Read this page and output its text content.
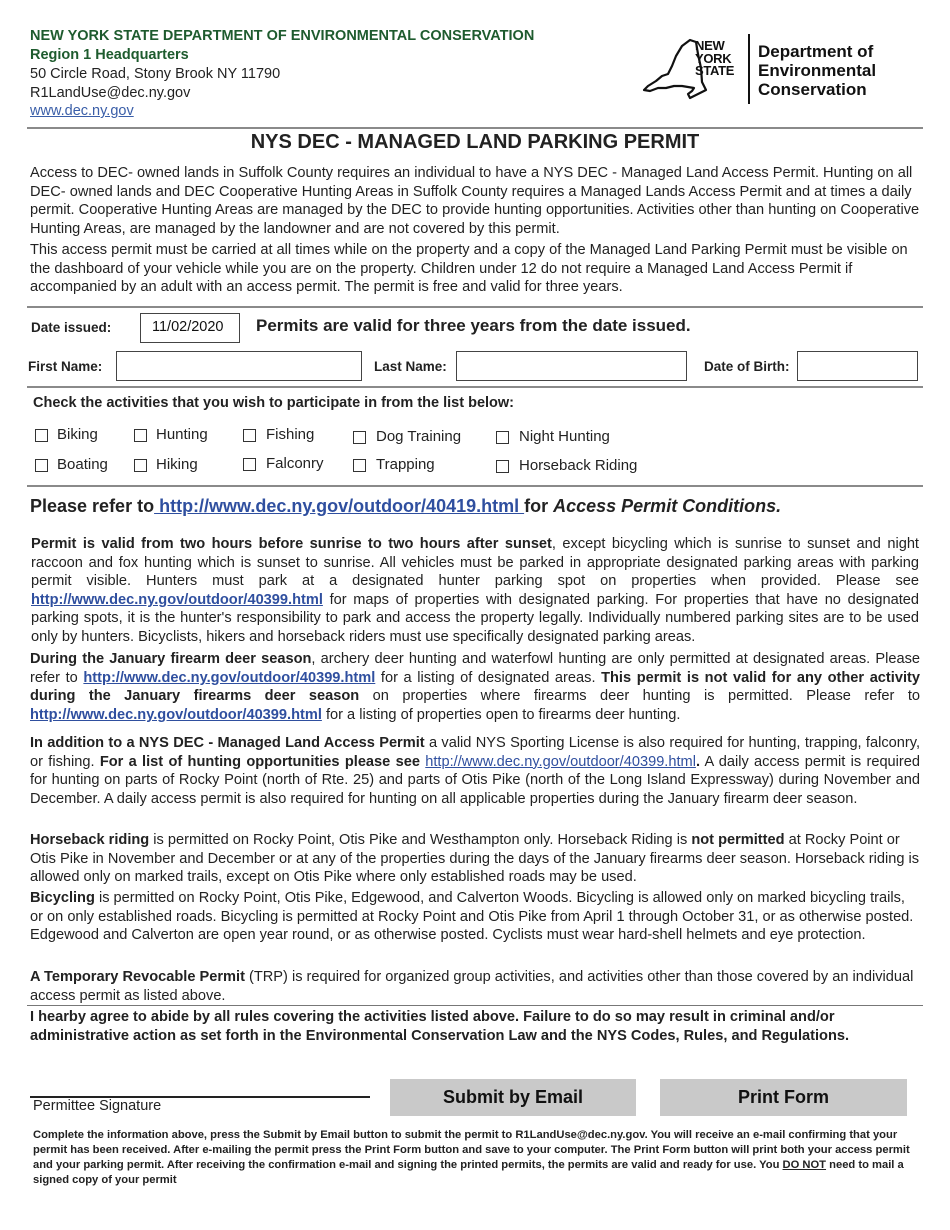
NEW YORK STATE DEPARTMENT OF ENVIRONMENTAL CONSERVATION
Region 1 Headquarters
50 Circle Road, Stony Brook NY 11790
R1LandUse@dec.ny.gov
www.dec.ny.gov
NEW
YORK
STATE
Department of
Environmental
Conservation
NYS DEC - MANAGED LAND PARKING PERMIT
Access to DEC- owned lands in Suffolk County requires an individual to have a NYS DEC - Managed Land Access Permit. Hunting on all DEC- owned lands and DEC Cooperative Hunting Areas in Suffolk County requires a Managed Lands Access Permit and at times a daily permit. Cooperative Hunting Areas are managed by the DEC to provide hunting opportunities. Activities other than hunting on Cooperative Hunting Areas, are managed by the landowner and are not covered by this permit.
This access permit must be carried at all times while on the property and a copy of the Managed Land Parking Permit must be visible on the dashboard of your vehicle while you are on the property. Children under 12 do not require a Managed Land Access Permit if accompanied by an adult with an access permit. The permit is free and valid for three years.
Date issued:	11/02/2020	Permits are valid for three years from the date issued.
First Name:	Last Name:	Date of Birth:
Check the activities that you wish to participate in from the list below:
Biking	Hunting	Fishing	Dog Training	Night Hunting
Boating	Hiking	Falconry	Trapping	Horseback Riding
Please refer to http://www.dec.ny.gov/outdoor/40419.html for Access Permit Conditions.
Permit is valid from two hours before sunrise to two hours after sunset, except bicycling which is sunrise to sunset and night raccoon and fox hunting which is sunset to sunrise. All vehicles must be parked in appropriate designated parking areas with parking permit visible. Hunters must park at a designated hunter parking spot on properties when provided. Please see http://www.dec.ny.gov/outdoor/40399.html for maps of properties with designated parking. For properties that have no designated parking spots, it is the hunter's responsibility to park and access the property legally. Individually numbered parking sites are to be used only by hunters. Bicyclists, hikers and horseback riders must use specifically designated parking areas.
During the January firearm deer season, archery deer hunting and waterfowl hunting are only permitted at designated areas. Please refer to http://www.dec.ny.gov/outdoor/40399.html for a listing of designated areas. This permit is not valid for any other activity during the January firearms deer season on properties where firearms deer hunting is permitted. Please refer to http://www.dec.ny.gov/outdoor/40399.html for a listing of properties open to firearms deer hunting.
In addition to a NYS DEC - Managed Land Access Permit a valid NYS Sporting License is also required for hunting, trapping, falconry, or fishing. For a list of hunting opportunities please see http://www.dec.ny.gov/outdoor/40399.html. A daily access permit is required for hunting on parts of Rocky Point (north of Rte. 25) and parts of Otis Pike (north of the Long Island Expressway) during November and December. A daily access permit is also required for hunting on all applicable properties during the January firearm deer season.
Horseback riding is permitted on Rocky Point, Otis Pike and Westhampton only. Horseback Riding is not permitted at Rocky Point or Otis Pike in November and December or at any of the properties during the days of the January firearms deer season. Horseback riding is allowed only on marked trails, except on Otis Pike where only established roads may be used.
Bicycling is permitted on Rocky Point, Otis Pike, Edgewood, and Calverton Woods. Bicycling is allowed only on marked bicycling trails, or on only established roads. Bicycling is permitted at Rocky Point and Otis Pike from April 1 through October 31, or as otherwise posted. Edgewood and Calverton are open year round, or as otherwise posted. Cyclists must wear hard-shell helmets and eye protection.
A Temporary Revocable Permit (TRP) is required for organized group activities, and activities other than those covered by an individual access permit as listed above.
I hearby agree to abide by all rules covering the activities listed above. Failure to do so may result in criminal and/or administrative action as set forth in the Environmental Conservation Law and the NYS Codes, Rules, and Regulations.
Permittee Signature	Submit by Email	Print Form
Complete the information above, press the Submit by Email button to submit the permit to R1LandUse@dec.ny.gov. You will receive an e-mail confirming that your permit has been received. After e-mailing the permit press the Print Form button and save to your computer. The Print Form button will print both your access permit and your parking permit. After receiving the confirmation e-mail and signing the printed permits, the permits are valid and ready for use. You DO NOT need to mail a signed copy of your permit
